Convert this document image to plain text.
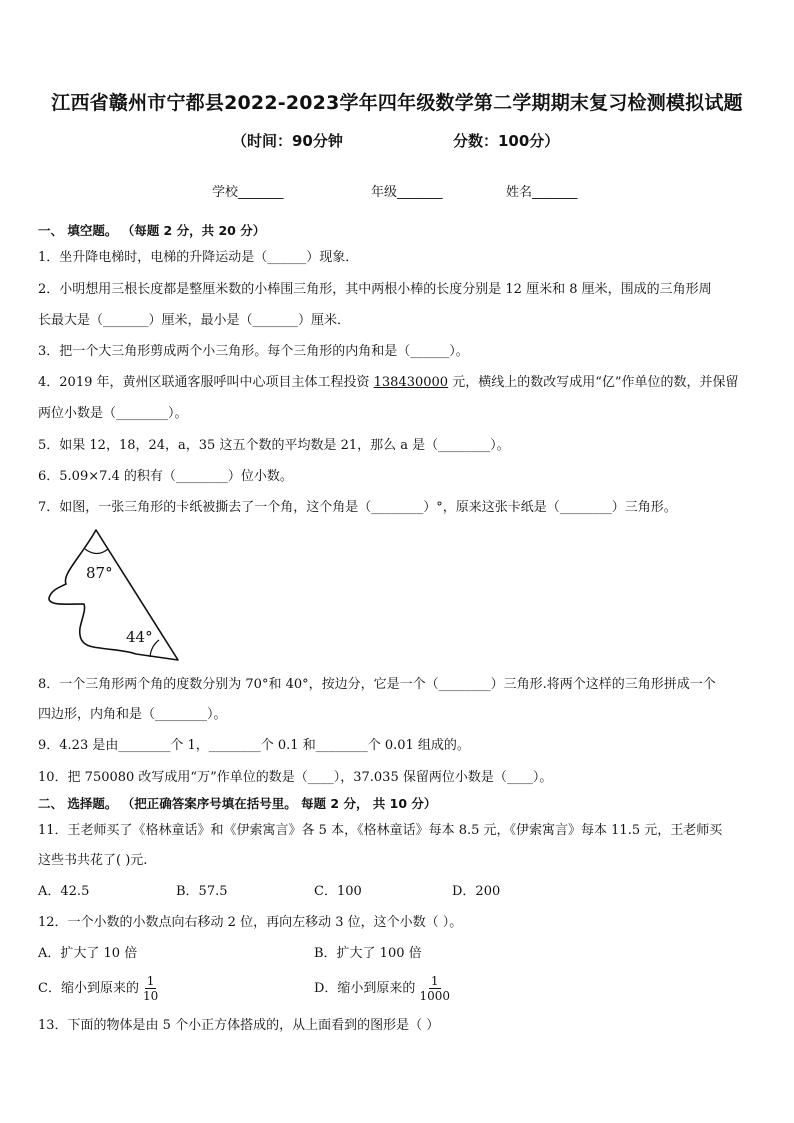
江西省赣州市宁都县2022-2023学年四年级数学第二学期期末复习检测模拟试题
（时间：90分钟	分数：100分）
学校_______	年级_______	姓名_______
一、 填空题。 （每题 2 分，共 20 分）
1．坐升降电梯时，电梯的升降运动是（______）现象．
2．小明想用三根长度都是整厘米数的小棒围三角形，其中两根小棒的长度分别是 12 厘米和 8 厘米，围成的三角形周
长最大是（_______）厘米，最小是（_______）厘米．
3．把一个大三角形剪成两个小三角形。每个三角形的内角和是（______）。
4．2019 年，黄州区联通客服呼叫中心项目主体工程投资 138430000 元，横线上的数改写成用“亿”作单位的数，并保留
两位小数是（________）。
5．如果 12，18，24，a，35 这五个数的平均数是 21，那么 a 是（________）。
6．5.09×7.4 的积有（________）位小数。
7．如图，一张三角形的卡纸被撕去了一个角，这个角是（________）°，原来这张卡纸是（________）三角形。
87°
44°
8．一个三角形两个角的度数分别为 70°和 40°，按边分，它是一个（________）三角形.将两个这样的三角形拼成一个
四边形，内角和是（________）。
9．4.23 是由________个 1，________个 0.1 和________个 0.01 组成的。
10．把 750080 改写成用“万”作单位的数是（____），37.035 保留两位小数是（____）。
二、 选择题。 （把正确答案序号填在括号里。 每题 2 分， 共 10 分）
11．王老师买了《格林童话》和《伊索寓言》各 5 本，《格林童话》每本 8.5 元，《伊索寓言》每本 11.5 元，王老师买
这些书共花了( )元.
A．42.5	B．57.5	C．100	D．200
12．一个小数的小数点向右移动 2 位，再向左移动 3 位，这个小数（ ）。
A．扩大了 10 倍	B．扩大了 100 倍
C．缩小到原来的 $\frac{1}{10}$	D．缩小到原来的 $\frac{1}{1000}$
13．下面的物体是由 5 个小正方体搭成的，从上面看到的图形是（ ）
